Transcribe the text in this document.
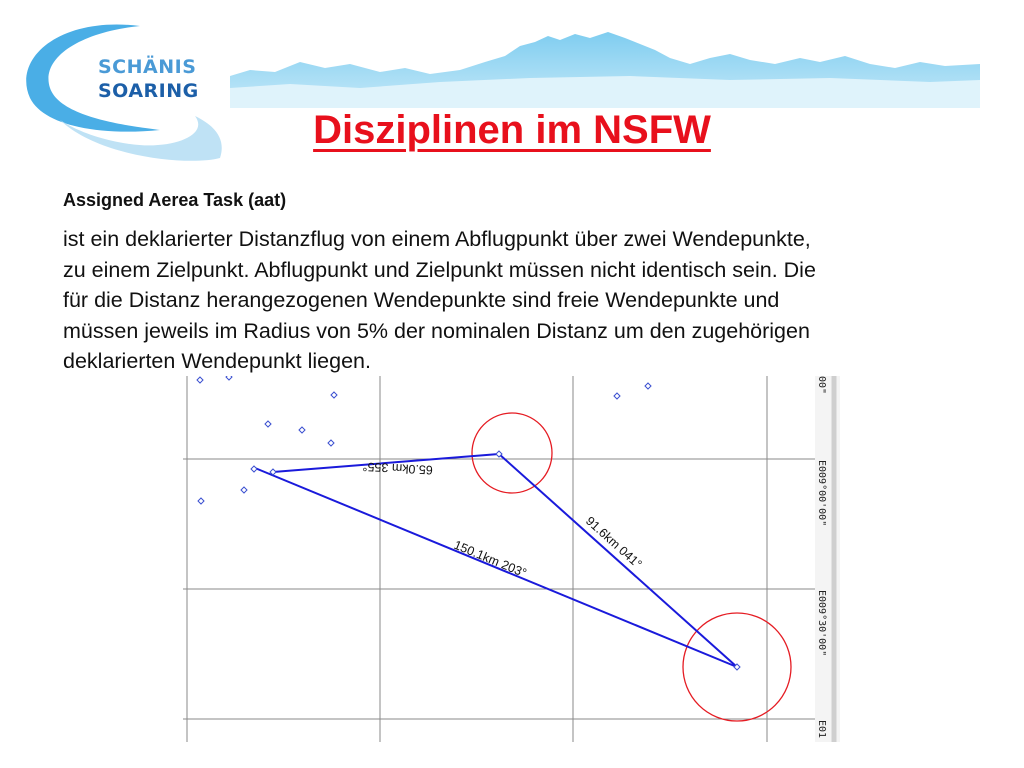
SCHÄNIS
SOARING
Disziplinen im NSFW
Assigned Aerea Task (aat)
ist ein deklarierter Distanzflug von einem Abflugpunkt über zwei Wendepunkte,
zu einem Zielpunkt. Abflugpunkt und Zielpunkt müssen nicht identisch sein. Die
für die Distanz herangezogenen Wendepunkte sind freie Wendepunkte und
müssen jeweils im Radius von 5% der nominalen Distanz um den zugehörigen
deklarierten Wendepunkt liegen.
00"
E009°00'00"
E009°30'00"
E01
65.0km 355°
91.6km 041°
150.1km 203°
